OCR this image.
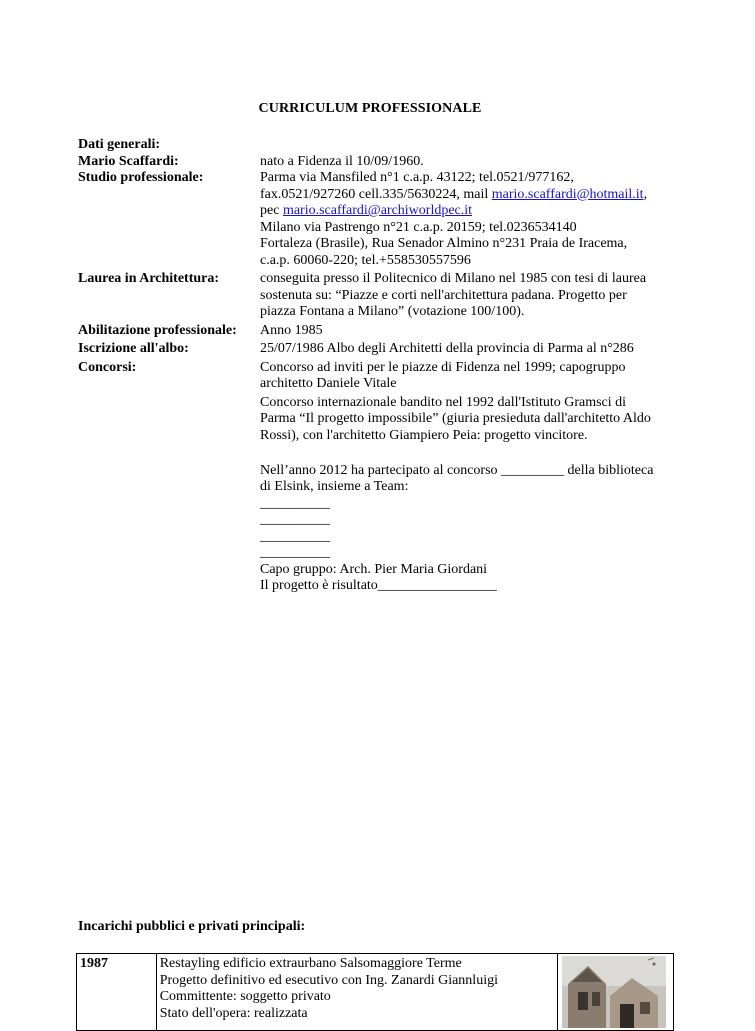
CURRICULUM PROFESSIONALE
Dati generali:
Mario Scaffardi:	nato a Fidenza il 10/09/1960.
Studio professionale:	Parma via Mansfiled n°1 c.a.p. 43122; tel.0521/977162,
fax.0521/927260 cell.335/5630224, mail mario.scaffardi@hotmail.it,
pec mario.scaffardi@archiworldpec.it
Milano via Pastrengo n°21 c.a.p. 20159; tel.0236534140
Fortaleza (Brasile), Rua Senador Almino n°231 Praia de Iracema,
c.a.p. 60060-220; tel.+558530557596
Laurea in Architettura:	conseguita presso il Politecnico di Milano nel 1985 con tesi di laurea
sostenuta su: “Piazze e corti nell'architettura padana. Progetto per
piazza Fontana a Milano” (votazione 100/100).
Abilitazione professionale:	Anno 1985
Iscrizione all'albo:	25/07/1986 Albo degli Architetti della provincia di Parma al n°286
Concorsi:	Concorso ad inviti per le piazze di Fidenza nel 1999; capogruppo
architetto Daniele Vitale
Concorso internazionale bandito nel 1992 dall'Istituto Gramsci di
Parma “Il progetto impossibile” (giuria presieduta dall'architetto Aldo
Rossi), con l'architetto Giampiero Peia: progetto vincitore.
Nell’anno 2012 ha partecipato al concorso _________ della biblioteca
di Elsink, insieme a Team:
__________
__________
__________
__________
Capo gruppo: Arch. Pier Maria Giordani
Il progetto è risultato_________________
Incarichi pubblici e privati principali:
1987	Restayling edificio extraurbano Salsomaggiore Terme
Progetto definitivo ed esecutivo con Ing. Zanardi Giannluigi
Committente: soggetto privato
Stato dell'opera: realizzata
